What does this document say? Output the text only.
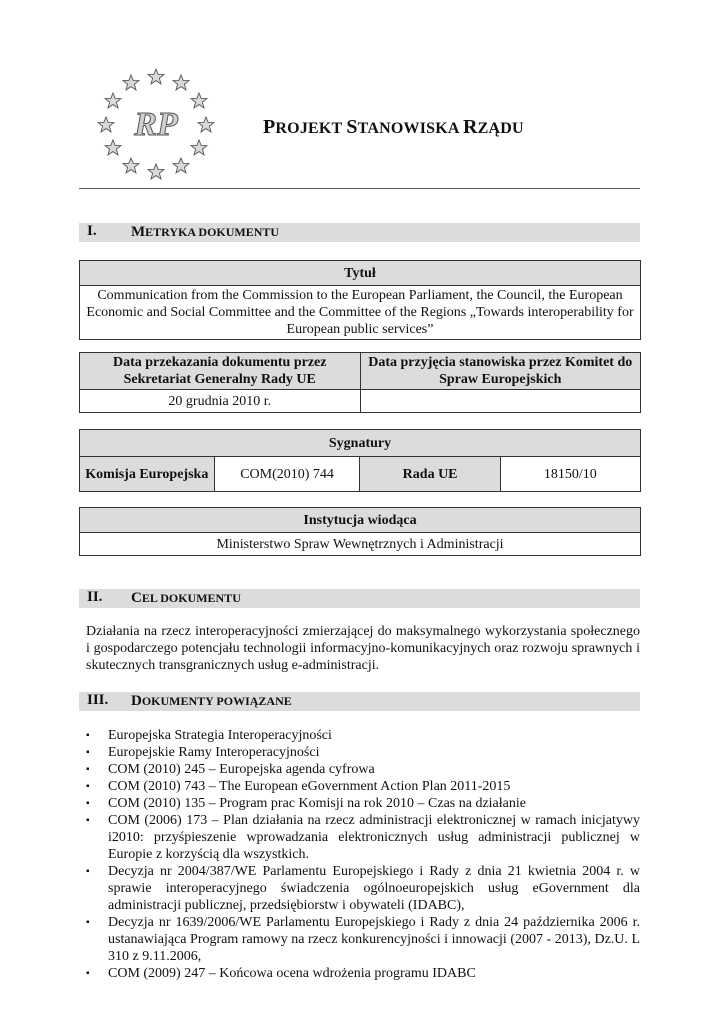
RP	PROJEKT STANOWISKA RZĄDU
I. METRYKA DOKUMENTU
Tytuł
Communication from the Commission to the European Parliament, the Council, the European Economic and Social Committee and the Committee of the Regions „Towards interoperability for European public services”
Data przekazania dokumentu przez Sekretariat Generalny Rady UE	Data przyjęcia stanowiska przez Komitet do Spraw Europejskich
20 grudnia 2010 r.	
Sygnatury
Komisja Europejska	COM(2010) 744	Rada UE	18150/10
Instytucja wiodąca
Ministerstwo Spraw Wewnętrznych i Administracji
II. CEL DOKUMENTU
Działania na rzecz interoperacyjności zmierzającej do maksymalnego wykorzystania społecznego i gospodarczego potencjału technologii informacyjno-komunikacyjnych oraz rozwoju sprawnych i skutecznych transgranicznych usług e-administracji.
III. DOKUMENTY POWIĄZANE
▪ Europejska Strategia Interoperacyjności
▪ Europejskie Ramy Interoperacyjności
▪ COM (2010) 245 – Europejska agenda cyfrowa
▪ COM (2010) 743 – The European eGovernment Action Plan 2011-2015
▪ COM (2010) 135 – Program prac Komisji na rok 2010 – Czas na działanie
▪ COM (2006) 173 – Plan działania na rzecz administracji elektronicznej w ramach inicjatywy i2010: przyśpieszenie wprowadzania elektronicznych usług administracji publicznej w Europie z korzyścią dla wszystkich.
▪ Decyzja nr 2004/387/WE Parlamentu Europejskiego i Rady z dnia 21 kwietnia 2004 r. w sprawie interoperacyjnego świadczenia ogólnoeuropejskich usług eGovernment dla administracji publicznej, przedsiębiorstw i obywateli (IDABC),
▪ Decyzja nr 1639/2006/WE Parlamentu Europejskiego i Rady z dnia 24 października 2006 r. ustanawiająca Program ramowy na rzecz konkurencyjności i innowacji (2007 - 2013), Dz.U. L 310 z 9.11.2006,
▪ COM (2009) 247 – Końcowa ocena wdrożenia programu IDABC
